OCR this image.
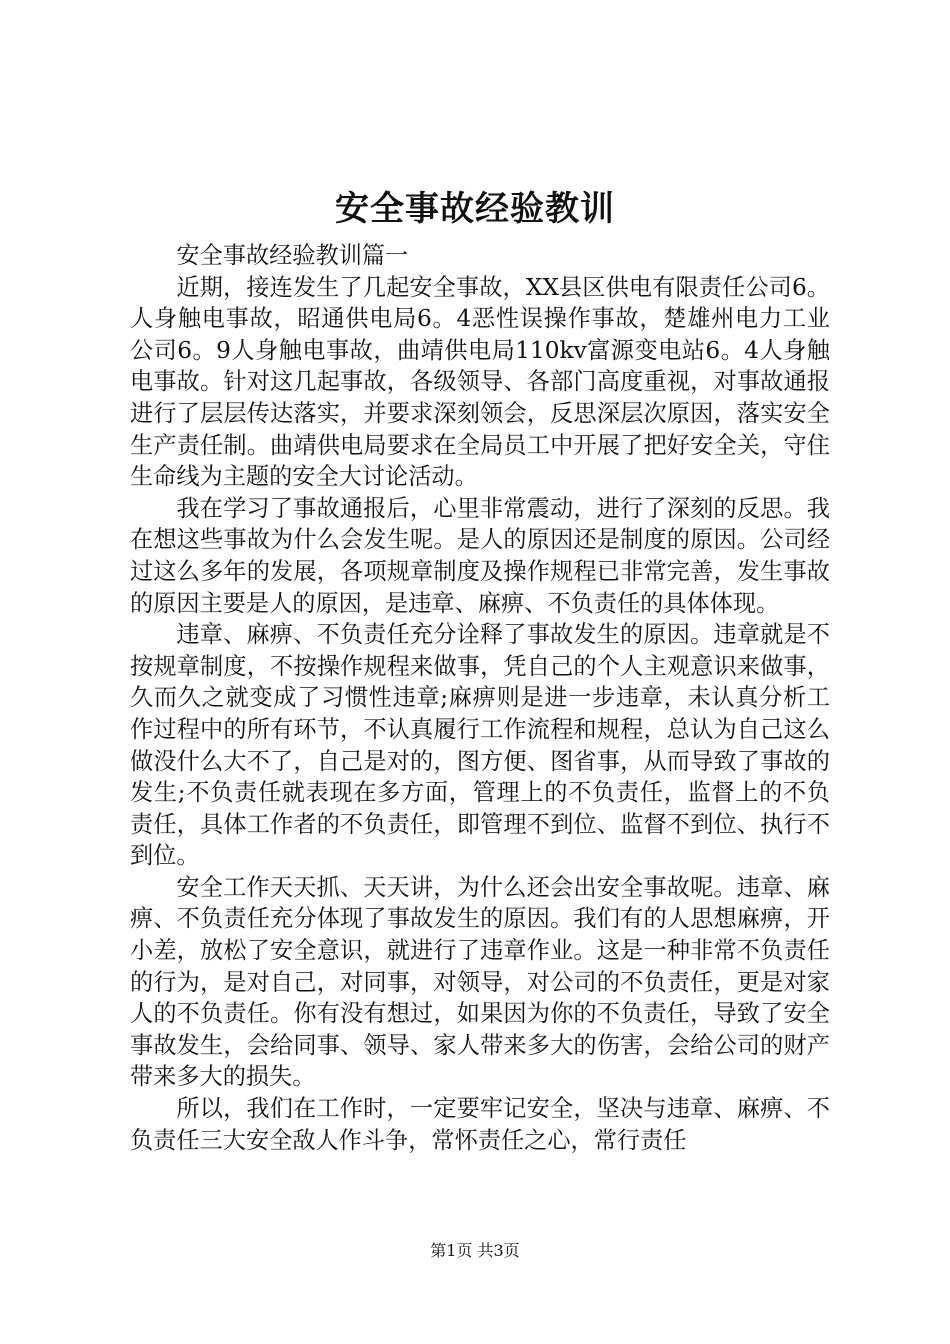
安全事故经验教训

安全事故经验教训篇一

近期，接连发生了几起安全事故，XX县区供电有限责任公司6。人身触电事故，昭通供电局6。4恶性误操作事故，楚雄州电力工业公司6。9人身触电事故，曲靖供电局110kv富源变电站6。4人身触电事故。针对这几起事故，各级领导、各部门高度重视，对事故通报进行了层层传达落实，并要求深刻领会，反思深层次原因，落实安全生产责任制。曲靖供电局要求在全局员工中开展了把好安全关，守住生命线为主题的安全大讨论活动。

我在学习了事故通报后，心里非常震动，进行了深刻的反思。我在想这些事故为什么会发生呢。是人的原因还是制度的原因。公司经过这么多年的发展，各项规章制度及操作规程已非常完善，发生事故的原因主要是人的原因，是违章、麻痹、不负责任的具体体现。

违章、麻痹、不负责任充分诠释了事故发生的原因。违章就是不按规章制度，不按操作规程来做事，凭自己的个人主观意识来做事，久而久之就变成了习惯性违章;麻痹则是进一步违章，未认真分析工作过程中的所有环节，不认真履行工作流程和规程，总认为自己这么做没什么大不了，自己是对的，图方便、图省事，从而导致了事故的发生;不负责任就表现在多方面，管理上的不负责任，监督上的不负责任，具体工作者的不负责任，即管理不到位、监督不到位、执行不到位。

安全工作天天抓、天天讲，为什么还会出安全事故呢。违章、麻痹、不负责任充分体现了事故发生的原因。我们有的人思想麻痹，开小差，放松了安全意识，就进行了违章作业。这是一种非常不负责任的行为，是对自己，对同事，对领导，对公司的不负责任，更是对家人的不负责任。你有没有想过，如果因为你的不负责任，导致了安全事故发生，会给同事、领导、家人带来多大的伤害，会给公司的财产带来多大的损失。

所以，我们在工作时，一定要牢记安全，坚决与违章、麻痹、不负责任三大安全敌人作斗争，常怀责任之心，常行责任

第1页 共3页
